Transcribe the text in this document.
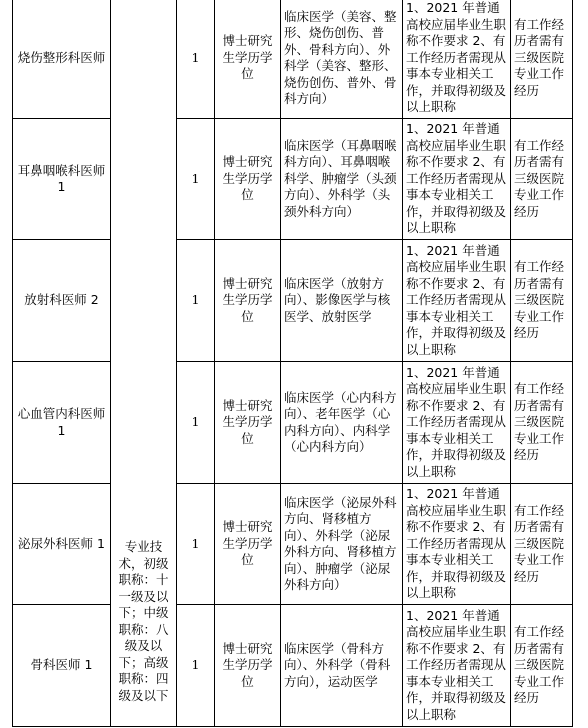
烧伤整形科医师	专业技术，初级职称：十一级及以下；中级职称：八级及以下；高级职称：四级及以下	1	博士研究生学历学位	临床医学（美容、整形、烧伤创伤、普外、骨科方向）、外科学（美容、整形、烧伤创伤、普外、骨科方向）	1、2021 年普通高校应届毕业生职称不作要求 2、有工作经历者需现从事本专业相关工作，并取得初级及以上职称	有工作经历者需有三级医院专业工作经历
耳鼻咽喉科医师 1		1	博士研究生学历学位	临床医学（耳鼻咽喉科方向）、耳鼻咽喉科学、肿瘤学（头颈方向）、外科学（头颈外科方向）	1、2021 年普通高校应届毕业生职称不作要求 2、有工作经历者需现从事本专业相关工作，并取得初级及以上职称	有工作经历者需有三级医院专业工作经历
放射科医师 2		1	博士研究生学历学位	临床医学（放射方向）、影像医学与核医学、放射医学	1、2021 年普通高校应届毕业生职称不作要求 2、有工作经历者需现从事本专业相关工作，并取得初级及以上职称	有工作经历者需有三级医院专业工作经历
心血管内科医师 1		1	博士研究生学历学位	临床医学（心内科方向）、老年医学（心内科方向）、内科学（心内科方向）	1、2021 年普通高校应届毕业生职称不作要求 2、有工作经历者需现从事本专业相关工作，并取得初级及以上职称	有工作经历者需有三级医院专业工作经历
泌尿外科医师 1		1	博士研究生学历学位	临床医学（泌尿外科方向、肾移植方向）、外科学（泌尿外科方向、肾移植方向）、肿瘤学（泌尿外科方向）	1、2021 年普通高校应届毕业生职称不作要求 2、有工作经历者需现从事本专业相关工作，并取得初级及以上职称	有工作经历者需有三级医院专业工作经历
骨科医师 1		1	博士研究生学历学位	临床医学（骨科方向）、外科学（骨科方向），运动医学	1、2021 年普通高校应届毕业生职称不作要求 2、有工作经历者需现从事本专业相关工作，并取得初级及以上职称	有工作经历者需有三级医院专业工作经历
